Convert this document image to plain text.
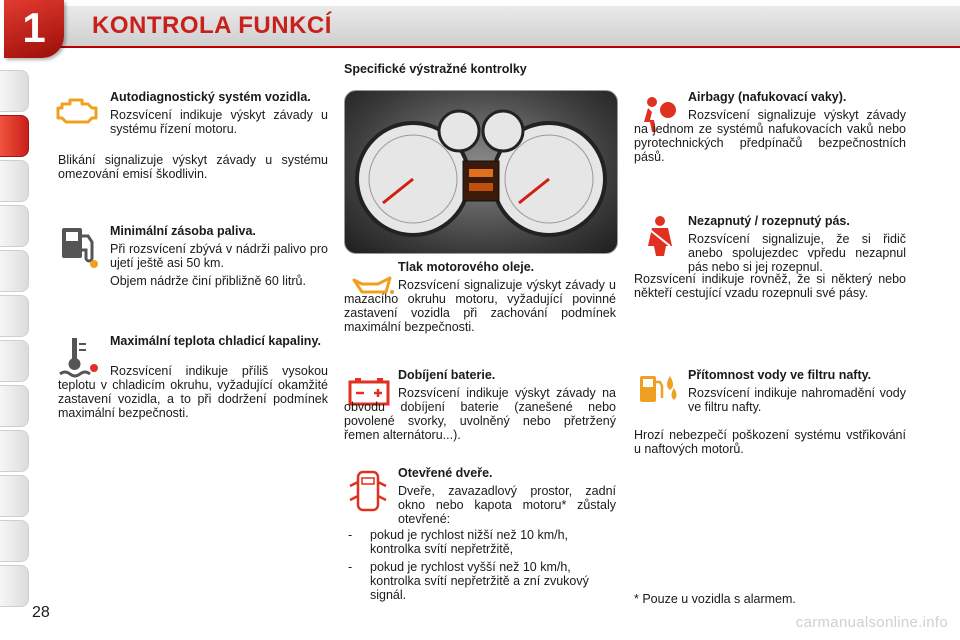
1	KONTROLA FUNKCÍ
Autodiagnostický systém vozidla.

Rozsvícení indikuje výskyt závady u systému řízení motoru.

Blikání signalizuje výskyt závady u systému omezování emisí škodlivin.

Minimální zásoba paliva.

Při rozsvícení zbývá v nádrži palivo pro ujetí ještě asi 50 km.

Objem nádrže činí přibližně 60 litrů.

Maximální teplota chladicí kapaliny.

Rozsvícení indikuje příliš vysokou teplotu v chladicím okruhu, vyžadující okamžité zastavení vozidla, a to při dodržení podmínek maximální bezpečnosti.

Specifické výstražné kontrolky
Tlak motorového oleje.

Rozsvícení signalizuje výskyt závady u mazacího okruhu motoru, vyžadující povinné zastavení vozidla při zachování podmínek maximální bezpečnosti.

Dobíjení baterie.

Rozsvícení indikuje výskyt závady na obvodu dobíjení baterie (zanešené nebo povolené svorky, uvolněný nebo přetržený řemen alternátoru...).

Otevřené dveře.

Dveře, zavazadlový prostor, zadní okno nebo kapota motoru* zůstaly otevřené:

- pokud je rychlost nižší než 10 km/h, kontrolka svítí nepřetržitě,
- pokud je rychlost vyšší než 10 km/h, kontrolka svítí nepřetržitě a zní zvukový signál.
Airbagy (nafukovací vaky).

Rozsvícení signalizuje výskyt závady na jednom ze systémů nafukovacích vaků nebo pyrotechnických předpínačů bezpečnostních pásů.

Nezapnutý / rozepnutý pás.

Rozsvícení signalizuje, že si řidič anebo spolujezdec vpředu nezapnul pás nebo si jej rozepnul.

Rozsvícení indikuje rovněž, že si některý nebo někteří cestující vzadu rozepnuli své pásy.

Přítomnost vody ve filtru nafty.

Rozsvícení indikuje nahromadění vody ve filtru nafty.

Hrozí nebezpečí poškození systému vstřikování u naftových motorů.

* Pouze u vozidla s alarmem.
28
carmanualsonline.info
